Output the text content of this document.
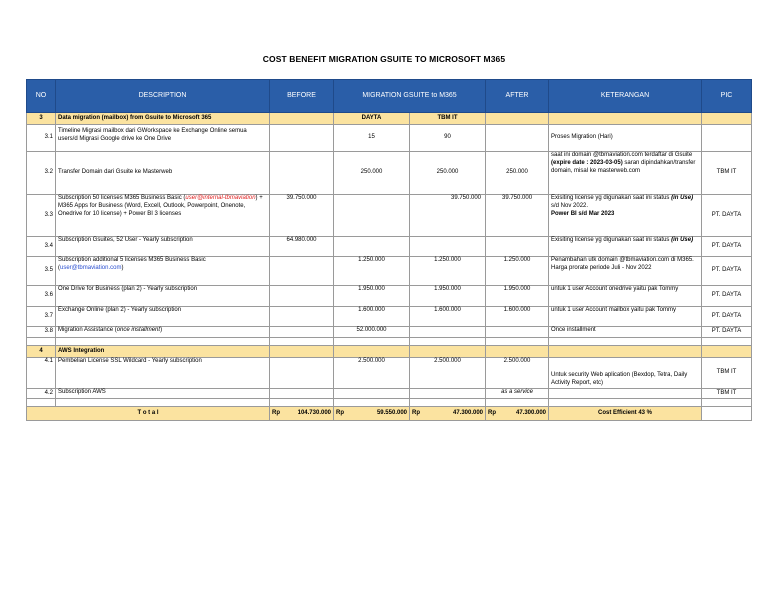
COST BENEFIT MIGRATION GSUITE TO MICROSOFT M365
NO	DESCRIPTION	BEFORE	MIGRATION GSUITE to M365		AFTER	KETERANGAN	PIC
3	Data migration (mailbox) from Gsuite to Microsoft 365		DAYTA	TBM IT			
3.1	Timeline Migrasi mailbox dari GWorkspace ke Exchange Online semua users/d Migrasi Google drive ke One Drive		15	90		Proses Migration (Hari)	
3.2	Transfer Domain dari Gsuite ke Masterweb		250.000	250.000	250.000	saat ini domain @tbmaviation.com terdaftar di Gsuite (expire date : 2023-03-05) saran dipindahkan/transfer domain, misal ke masterweb.com	TBM IT
3.3	Subscription 50 licenses M365 Business Basic (user@internal-tbmaviation) + M365 Apps for Business (Word, Excell, Outlook, Powerpoint, Onenote, Onedrive for 10 license) + Power BI 3 licenses	39.750.000		39.750.000	39.750.000	Exisiting license yg digunakan saat ini status (in Use) s/d Nov 2022.
Power BI s/d Mar 2023	PT. DAYTA
3.4	Subscription Gsuites, 52 User - Yearly subscription	64.980.000				Exisiting license yg digunakan saat ini status (in Use)	PT. DAYTA
3.5	Subscription additional 5 licenses M365 Business Basic (user@tbmaviation.com)		1.250.000	1.250.000	1.250.000	Penambahan utk domain @tbmaviation.com di M365. Harga prorate periode Juli - Nov 2022	PT. DAYTA
3.6	One Drive for Business (plan 2) - Yearly subscription		1.950.000	1.950.000	1.950.000	untuk 1 user Account onedrive yaitu pak Tommy	PT. DAYTA
3.7	Exchange Online (plan 2) - Yearly subscription		1.600.000	1.600.000	1.600.000	untuk 1 user Account mailbox yaitu pak Tommy	PT. DAYTA
3.8	Migration Assistance (once installment)		52.000.000			Once installment	PT. DAYTA

4	AWS Integration						
4.1	Pembelian License SSL Wildcard - Yearly subscription		2.500.000	2.500.000	2.500.000	Untuk security Web aplication (Bexdop, Tetra, Daily Activity Report, etc)	TBM IT
4.2	Subscription AWS				as a service		TBM IT

T o t a l		Rp 104.730.000	Rp 59.550.000	Rp 47.300.000	Rp 47.300.000	Cost Efficient 43 %	
